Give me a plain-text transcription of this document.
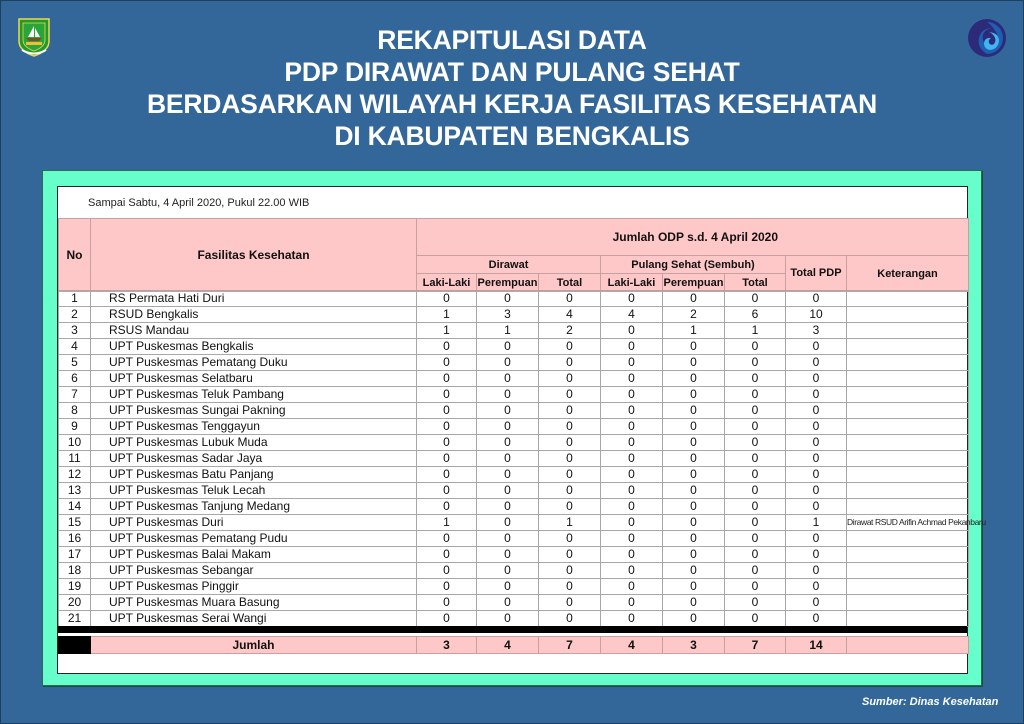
REKAPITULASI DATA
PDP DIRAWAT DAN PULANG SEHAT
BERDASARKAN WILAYAH KERJA FASILITAS KESEHATAN
DI KABUPATEN BENGKALIS
Sampai Sabtu, 4 April 2020, Pukul 22.00 WIB
No	Fasilitas Kesehatan	Jumlah ODP s.d. 4 April 2020							
		Dirawat			Pulang Sehat (Sembuh)			Total PDP	Keterangan
		Laki-Laki	Perempuan	Total	Laki-Laki	Perempuan	Total		
1	RS Permata Hati Duri	0	0	0	0	0	0	0	
2	RSUD Bengkalis	1	3	4	4	2	6	10	
3	RSUS Mandau	1	1	2	0	1	1	3	
4	UPT Puskesmas Bengkalis	0	0	0	0	0	0	0	
5	UPT Puskesmas Pematang Duku	0	0	0	0	0	0	0	
6	UPT Puskesmas Selatbaru	0	0	0	0	0	0	0	
7	UPT Puskesmas Teluk Pambang	0	0	0	0	0	0	0	
8	UPT Puskesmas Sungai Pakning	0	0	0	0	0	0	0	
9	UPT Puskesmas Tenggayun	0	0	0	0	0	0	0	
10	UPT Puskesmas Lubuk Muda	0	0	0	0	0	0	0	
11	UPT Puskesmas Sadar Jaya	0	0	0	0	0	0	0	
12	UPT Puskesmas Batu Panjang	0	0	0	0	0	0	0	
13	UPT Puskesmas Teluk Lecah	0	0	0	0	0	0	0	
14	UPT Puskesmas Tanjung Medang	0	0	0	0	0	0	0	
15	UPT Puskesmas Duri	1	0	1	0	0	0	1	Dirawat RSUD Arifin Achmad Pekanbaru
16	UPT Puskesmas Pematang Pudu	0	0	0	0	0	0	0	
17	UPT Puskesmas Balai Makam	0	0	0	0	0	0	0	
18	UPT Puskesmas Sebangar	0	0	0	0	0	0	0	
19	UPT Puskesmas Pinggir	0	0	0	0	0	0	0	
20	UPT Puskesmas Muara Basung	0	0	0	0	0	0	0	
21	UPT Puskesmas Serai Wangi	0	0	0	0	0	0	0	
	Jumlah	3	4	7	4	3	7	14	
Sumber: Dinas Kesehatan
